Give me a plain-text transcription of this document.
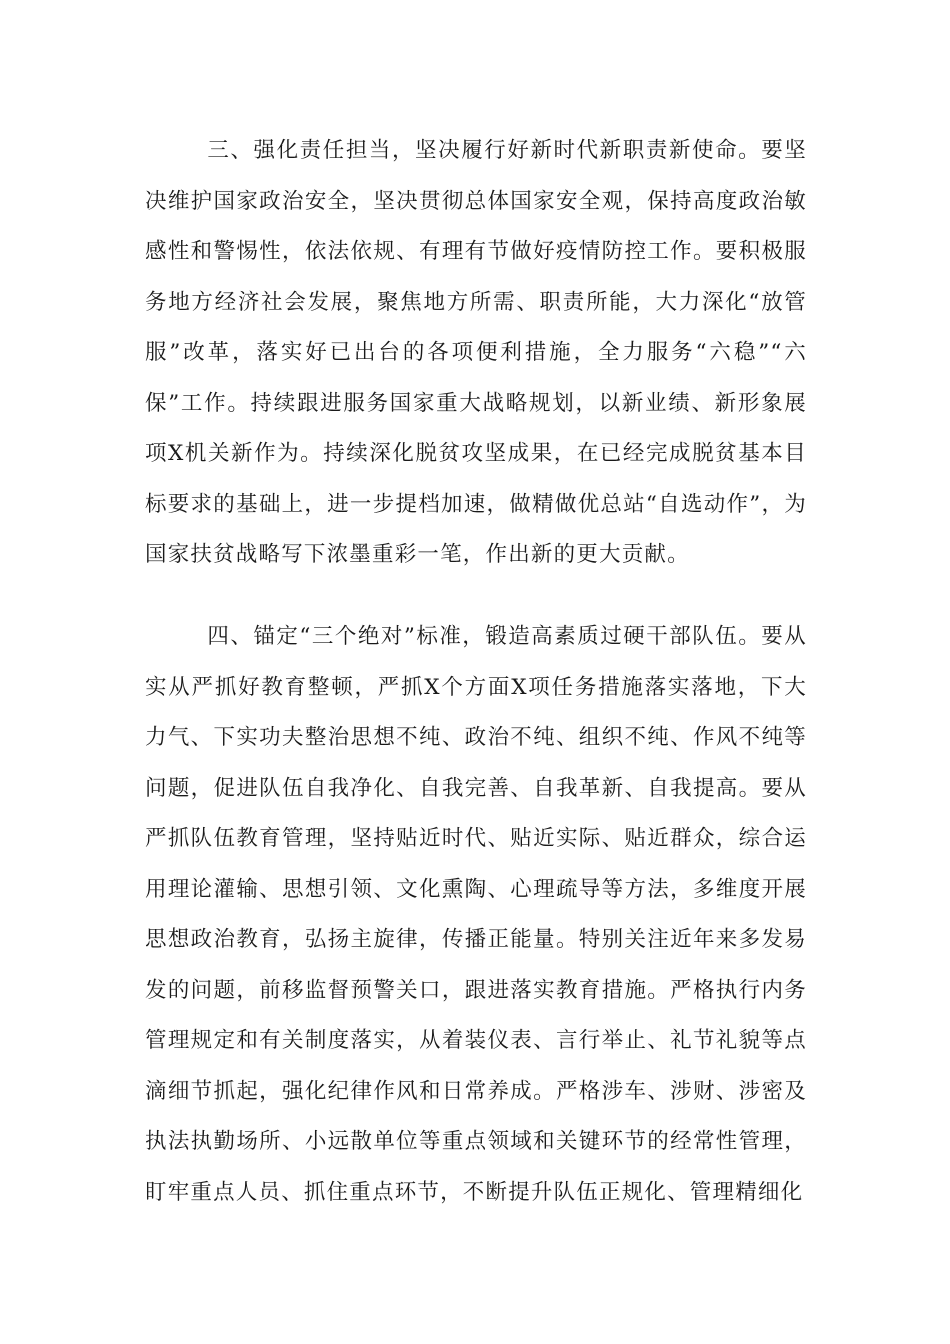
三、强化责任担当，坚决履行好新时代新职责新使命。要坚决维护国家政治安全，坚决贯彻总体国家安全观，保持高度政治敏感性和警惕性，依法依规、有理有节做好疫情防控工作。要积极服务地方经济社会发展，聚焦地方所需、职责所能，大力深化“放管服”改革，落实好已出台的各项便利措施，全力服务“六稳”“六保”工作。持续跟进服务国家重大战略规划，以新业绩、新形象展项X机关新作为。持续深化脱贫攻坚成果，在已经完成脱贫基本目标要求的基础上，进一步提档加速，做精做优总站“自选动作”，为国家扶贫战略写下浓墨重彩一笔，作出新的更大贡献。

四、锚定“三个绝对”标准，锻造高素质过硬干部队伍。要从实从严抓好教育整顿，严抓X个方面X项任务措施落实落地，下大力气、下实功夫整治思想不纯、政治不纯、组织不纯、作风不纯等问题，促进队伍自我净化、自我完善、自我革新、自我提高。要从严抓队伍教育管理，坚持贴近时代、贴近实际、贴近群众，综合运用理论灌输、思想引领、文化熏陶、心理疏导等方法，多维度开展思想政治教育，弘扬主旋律，传播正能量。特别关注近年来多发易发的问题，前移监督预警关口，跟进落实教育措施。严格执行内务管理规定和有关制度落实，从着装仪表、言行举止、礼节礼貌等点滴细节抓起，强化纪律作风和日常养成。严格涉车、涉财、涉密及执法执勤场所、小远散单位等重点领域和关键环节的经常性管理，盯牢重点人员、抓住重点环节，不断提升队伍正规化、管理精细化
